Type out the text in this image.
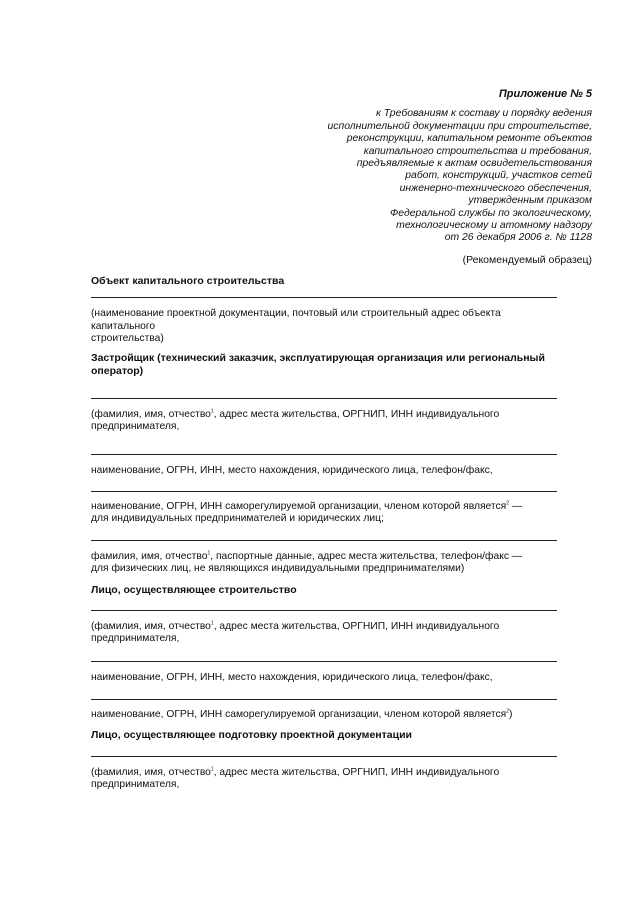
Приложение № 5
к Требованиям к составу и порядку ведения
исполнительной документации при строительстве,
реконструкции, капитальном ремонте объектов
капитального строительства и требования,
предъявляемые к актам освидетельствования
работ, конструкций, участков сетей
инженерно-технического обеспечения,
утвержденным приказом
Федеральной службы по экологическому,
технологическому и атомному надзору
от 26 декабря 2006 г. № 1128
(Рекомендуемый образец)
Объект капитального строительства
(наименование проектной документации, почтовый или строительный адрес объекта
капитального
строительства)
Застройщик (технический заказчик, эксплуатирующая организация или региональный оператор)
(фамилия, имя, отчество$^1$, адрес места жительства, ОРГНИП, ИНН индивидуального
предпринимателя,
наименование, ОГРН, ИНН, место нахождения, юридического лица, телефон/факс,
наименование, ОГРН, ИНН саморегулируемой организации, членом которой является$^2$ —
для индивидуальных предпринимателей и юридических лиц;
фамилия, имя, отчество$^1$, паспортные данные, адрес места жительства, телефон/факс —
для физических лиц, не являющихся индивидуальными предпринимателями)
Лицо, осуществляющее строительство
(фамилия, имя, отчество$^1$, адрес места жительства, ОРГНИП, ИНН индивидуального
предпринимателя,
наименование, ОГРН, ИНН, место нахождения, юридического лица, телефон/факс,
наименование, ОГРН, ИНН саморегулируемой организации, членом которой является$^2$)
Лицо, осуществляющее подготовку проектной документации
(фамилия, имя, отчество$^1$, адрес места жительства, ОРГНИП, ИНН индивидуального
предпринимателя,
